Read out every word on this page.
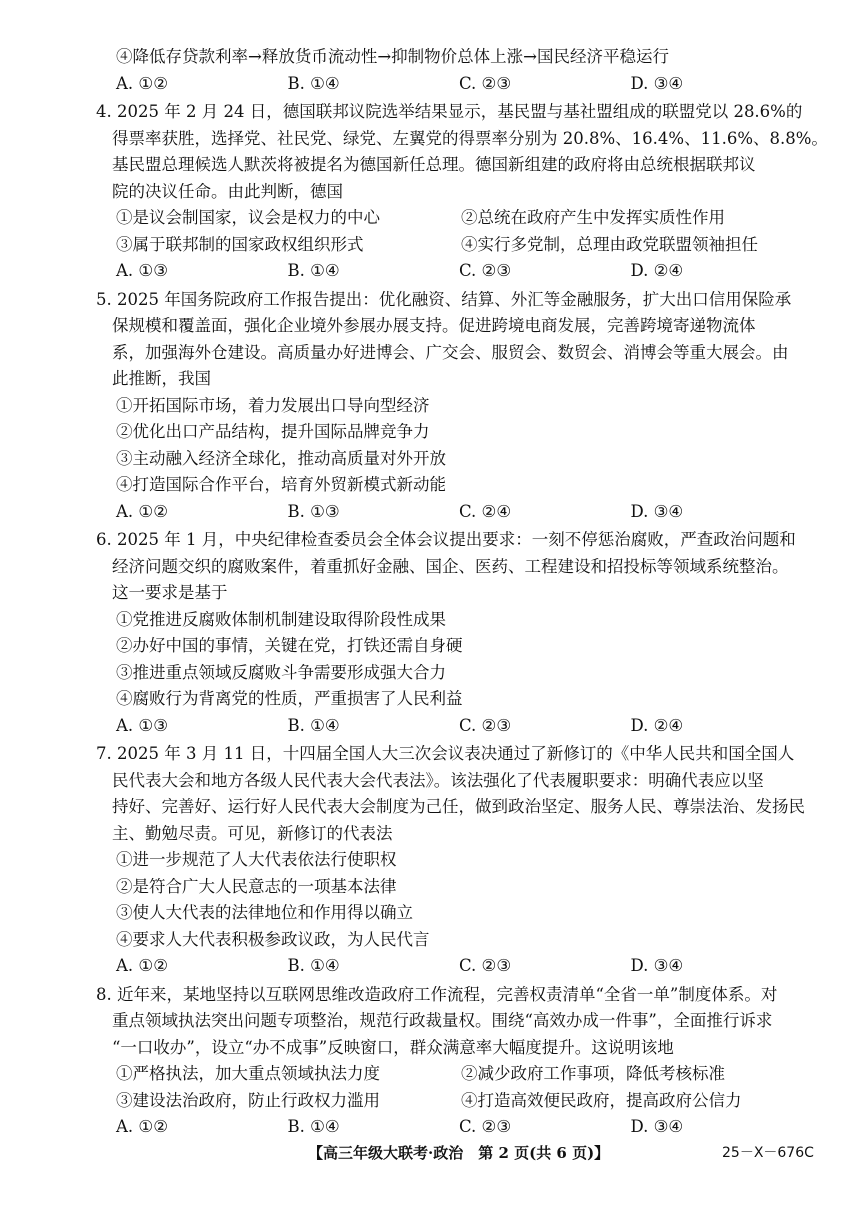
④降低存贷款利率→释放货币流动性→抑制物价总体上涨→国民经济平稳运行
A. ①②	B. ①④	C. ②③	D. ③④
4. 2025 年 2 月 24 日，德国联邦议院选举结果显示，基民盟与基社盟组成的联盟党以 28.6%的
得票率获胜，选择党、社民党、绿党、左翼党的得票率分别为 20.8%、16.4%、11.6%、8.8%。
基民盟总理候选人默茨将被提名为德国新任总理。德国新组建的政府将由总统根据联邦议
院的决议任命。由此判断，德国
①是议会制国家，议会是权力的中心	②总统在政府产生中发挥实质性作用
③属于联邦制的国家政权组织形式	④实行多党制，总理由政党联盟领袖担任
A. ①③	B. ①④	C. ②③	D. ②④
5. 2025 年国务院政府工作报告提出：优化融资、结算、外汇等金融服务，扩大出口信用保险承
保规模和覆盖面，强化企业境外参展办展支持。促进跨境电商发展，完善跨境寄递物流体
系，加强海外仓建设。高质量办好进博会、广交会、服贸会、数贸会、消博会等重大展会。由
此推断，我国
①开拓国际市场，着力发展出口导向型经济
②优化出口产品结构，提升国际品牌竞争力
③主动融入经济全球化，推动高质量对外开放
④打造国际合作平台，培育外贸新模式新动能
A. ①②	B. ①③	C. ②④	D. ③④
6. 2025 年 1 月，中央纪律检查委员会全体会议提出要求：一刻不停惩治腐败，严查政治问题和
经济问题交织的腐败案件，着重抓好金融、国企、医药、工程建设和招投标等领域系统整治。
这一要求是基于
①党推进反腐败体制机制建设取得阶段性成果
②办好中国的事情，关键在党，打铁还需自身硬
③推进重点领域反腐败斗争需要形成强大合力
④腐败行为背离党的性质，严重损害了人民利益
A. ①③	B. ①④	C. ②③	D. ②④
7. 2025 年 3 月 11 日，十四届全国人大三次会议表决通过了新修订的《中华人民共和国全国人
民代表大会和地方各级人民代表大会代表法》。该法强化了代表履职要求：明确代表应以坚
持好、完善好、运行好人民代表大会制度为己任，做到政治坚定、服务人民、尊崇法治、发扬民
主、勤勉尽责。可见，新修订的代表法
①进一步规范了人大代表依法行使职权
②是符合广大人民意志的一项基本法律
③使人大代表的法律地位和作用得以确立
④要求人大代表积极参政议政，为人民代言
A. ①②	B. ①④	C. ②③	D. ③④
8. 近年来，某地坚持以互联网思维改造政府工作流程，完善权责清单“全省一单”制度体系。对
重点领域执法突出问题专项整治，规范行政裁量权。围绕“高效办成一件事”，全面推行诉求
“一口收办”，设立“办不成事”反映窗口，群众满意率大幅度提升。这说明该地
①严格执法，加大重点领域执法力度	②减少政府工作事项，降低考核标准
③建设法治政府，防止行政权力滥用	④打造高效便民政府，提高政府公信力
A. ①②	B. ①④	C. ②③	D. ③④
【高三年级大联考·政治　第 2 页(共 6 页)】	25－X－676C
